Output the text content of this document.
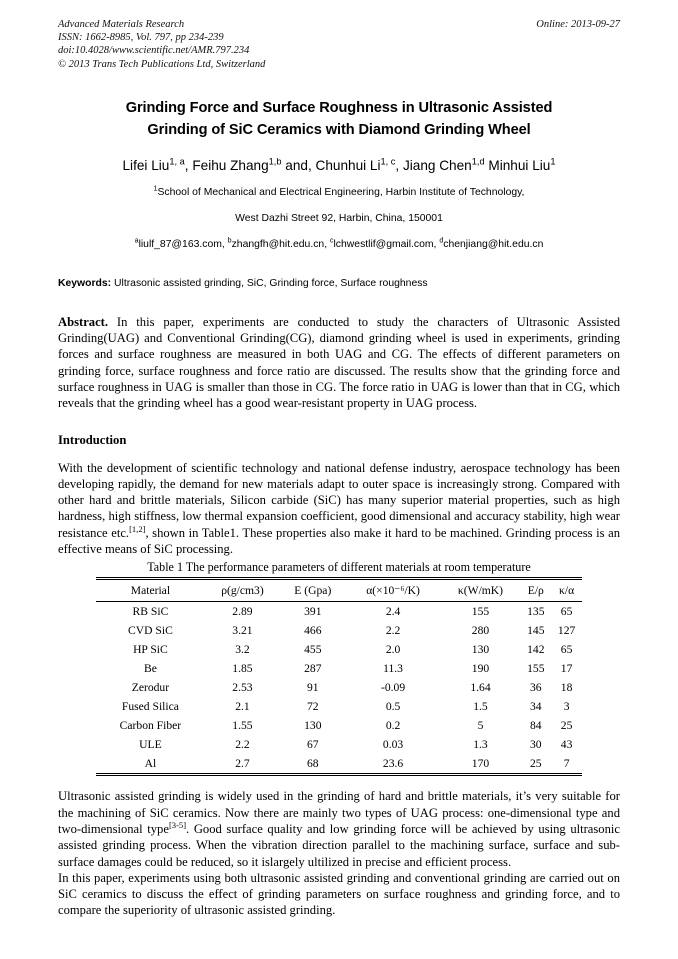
Advanced Materials Research
ISSN: 1662-8985, Vol. 797, pp 234-239
doi:10.4028/www.scientific.net/AMR.797.234
© 2013 Trans Tech Publications Ltd, Switzerland
Online: 2013-09-27
Grinding Force and Surface Roughness in Ultrasonic Assisted
Grinding of SiC Ceramics with Diamond Grinding Wheel
Lifei Liu$^{1, a}$, Feihu Zhang$^{1,b}$ and, Chunhui Li$^{1, c}$, Jiang Chen$^{1,d}$ Minhui Liu$^1$
$^1$School of Mechanical and Electrical Engineering, Harbin Institute of Technology,
West Dazhi Street 92, Harbin, China, 150001
$^a$liulf_87@163.com, $^b$zhangfh@hit.edu.cn, $^c$lchwestlif@gmail.com, $^d$chenjiang@hit.edu.cn
Keywords: Ultrasonic assisted grinding, SiC, Grinding force, Surface roughness
Abstract. In this paper, experiments are conducted to study the characters of Ultrasonic Assisted Grinding(UAG) and Conventional Grinding(CG), diamond grinding wheel is used in experiments, grinding forces and surface roughness are measured in both UAG and CG. The effects of different parameters on grinding force, surface roughness and force ratio are discussed. The results show that the grinding force and surface roughness in UAG is smaller than those in CG. The force ratio in UAG is lower than that in CG, which reveals that the grinding wheel has a good wear-resistant property in UAG process.
Introduction

With the development of scientific technology and national defense industry, aerospace technology has been developing rapidly, the demand for new materials adapt to outer space is increasingly strong. Compared with other hard and brittle materials, Silicon carbide (SiC) has many superior material properties, such as high hardness, high stiffness, low thermal expansion coefficient, good dimensional and accuracy stability, high wear resistance etc.[1,2], shown in Table1. These properties also make it hard to be machined. Grinding process is an effective means of SiC processing.

Table 1 The performance parameters of different materials at room temperature
Material	ρ(g/cm3)	E (Gpa)	α(×10⁻⁶/K)	κ(W/mK)	E/ρ	κ/α
RB SiC	2.89	391	2.4	155	135	65
CVD SiC	3.21	466	2.2	280	145	127
HP SiC	3.2	455	2.0	130	142	65
Be	1.85	287	11.3	190	155	17
Zerodur	2.53	91	-0.09	1.64	36	18
Fused Silica	2.1	72	0.5	1.5	34	3
Carbon Fiber	1.55	130	0.2	5	84	25
ULE	2.2	67	0.03	1.3	30	43
Al	2.7	68	23.6	170	25	7

Ultrasonic assisted grinding is widely used in the grinding of hard and brittle materials, it’s very suitable for the machining of SiC ceramics. Now there are mainly two types of UAG process: one-dimensional type and two-dimensional type[3-5]. Good surface quality and low grinding force will be achieved by using ultrasonic assisted grinding process. When the vibration direction parallel to the machining surface, surface and sub-surface damages could be reduced, so it islargely ultilized in precise and efficient process.

In this paper, experiments using both ultrasonic assisted grinding and conventional grinding are carried out on SiC ceramics to discuss the effect of grinding parameters on surface roughness and grinding force, and to compare the superiority of ultrasonic assisted grinding.
